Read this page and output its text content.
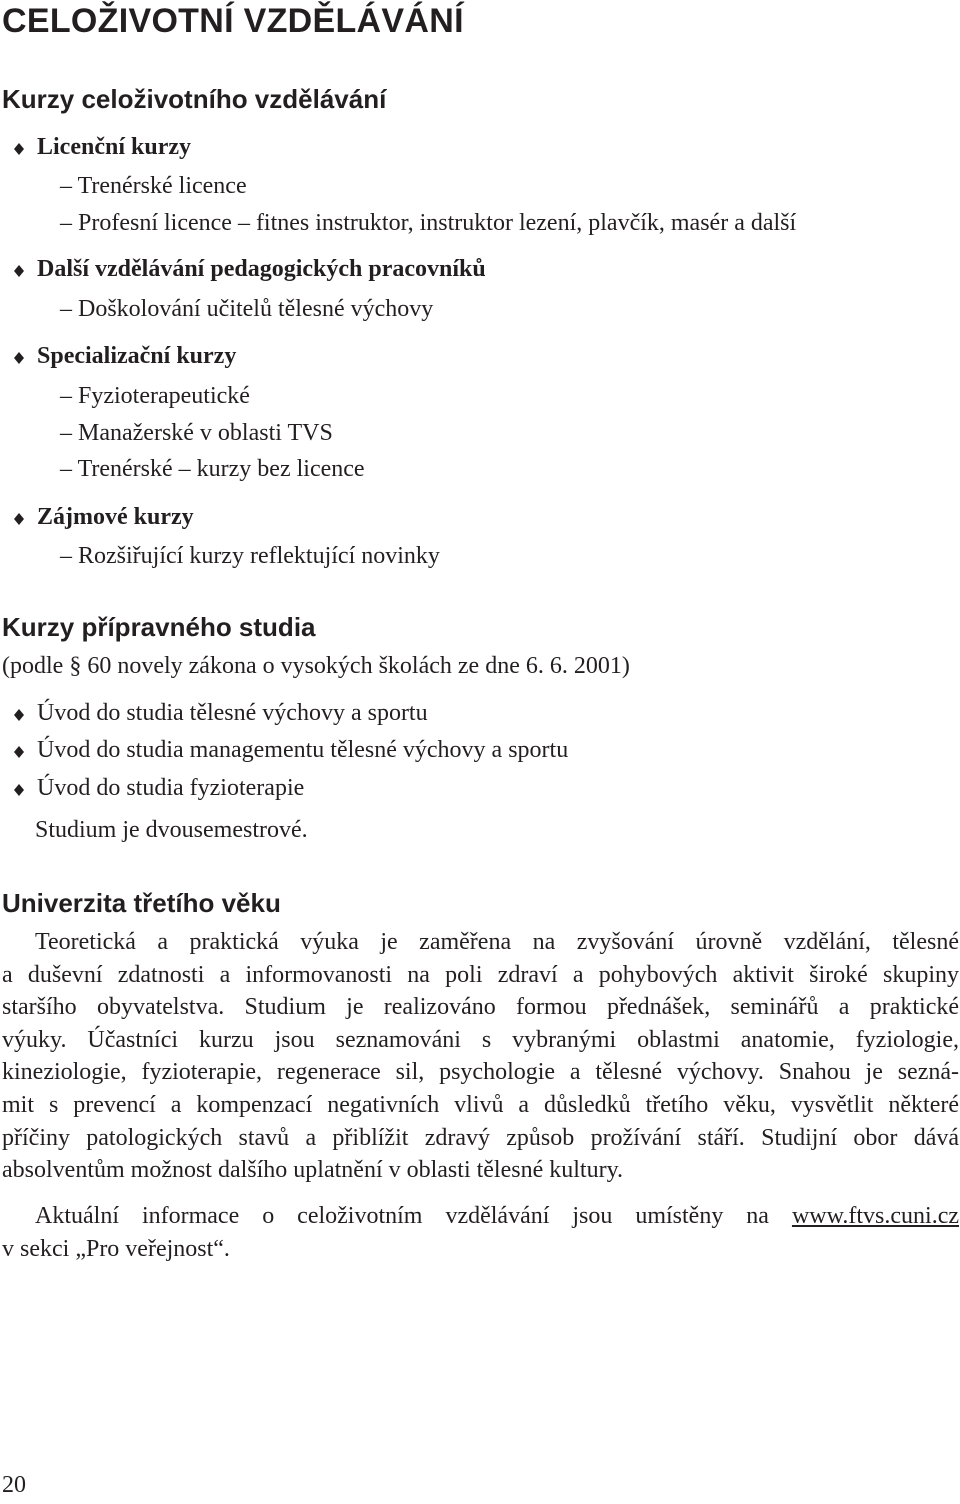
CELOŽIVOTNÍ VZDĚLÁVÁNÍ
Kurzy celoživotního vzdělávání
Licenční kurzy
– Trenérské licence
– Profesní licence – fitnes instruktor, instruktor lezení, plavčík, masér a další
Další vzdělávání pedagogických pracovníků
– Doškolování učitelů tělesné výchovy
Specializační kurzy
– Fyzioterapeutické
– Manažerské v oblasti TVS
– Trenérské – kurzy bez licence
Zájmové kurzy
– Rozšiřující kurzy reflektující novinky
Kurzy přípravného studia
(podle § 60 novely zákona o vysokých školách ze dne 6. 6. 2001)
Úvod do studia tělesné výchovy a sportu
Úvod do studia managementu tělesné výchovy a sportu
Úvod do studia fyzioterapie
Studium je dvousemestrové.
Univerzita třetího věku
Teoretická a praktická výuka je zaměřena na zvyšování úrovně vzdělání, tělesné
a duševní zdatnosti a informovanosti na poli zdraví a pohybových aktivit široké skupiny
staršího obyvatelstva. Studium je realizováno formou přednášek, seminářů a praktické
výuky. Účastníci kurzu jsou seznamováni s vybranými oblastmi anatomie, fyziologie,
kineziologie, fyzioterapie, regenerace sil, psychologie a tělesné výchovy. Snahou je sezná-
mit s prevencí a kompenzací negativních vlivů a důsledků třetího věku, vysvětlit některé
příčiny patologických stavů a přiblížit zdravý způsob prožívání stáří. Studijní obor dává
absolventům možnost dalšího uplatnění v oblasti tělesné kultury.
Aktuální informace o celoživotním vzdělávání jsou umístěny na www.ftvs.cuni.cz
v sekci „Pro veřejnost“.
20
